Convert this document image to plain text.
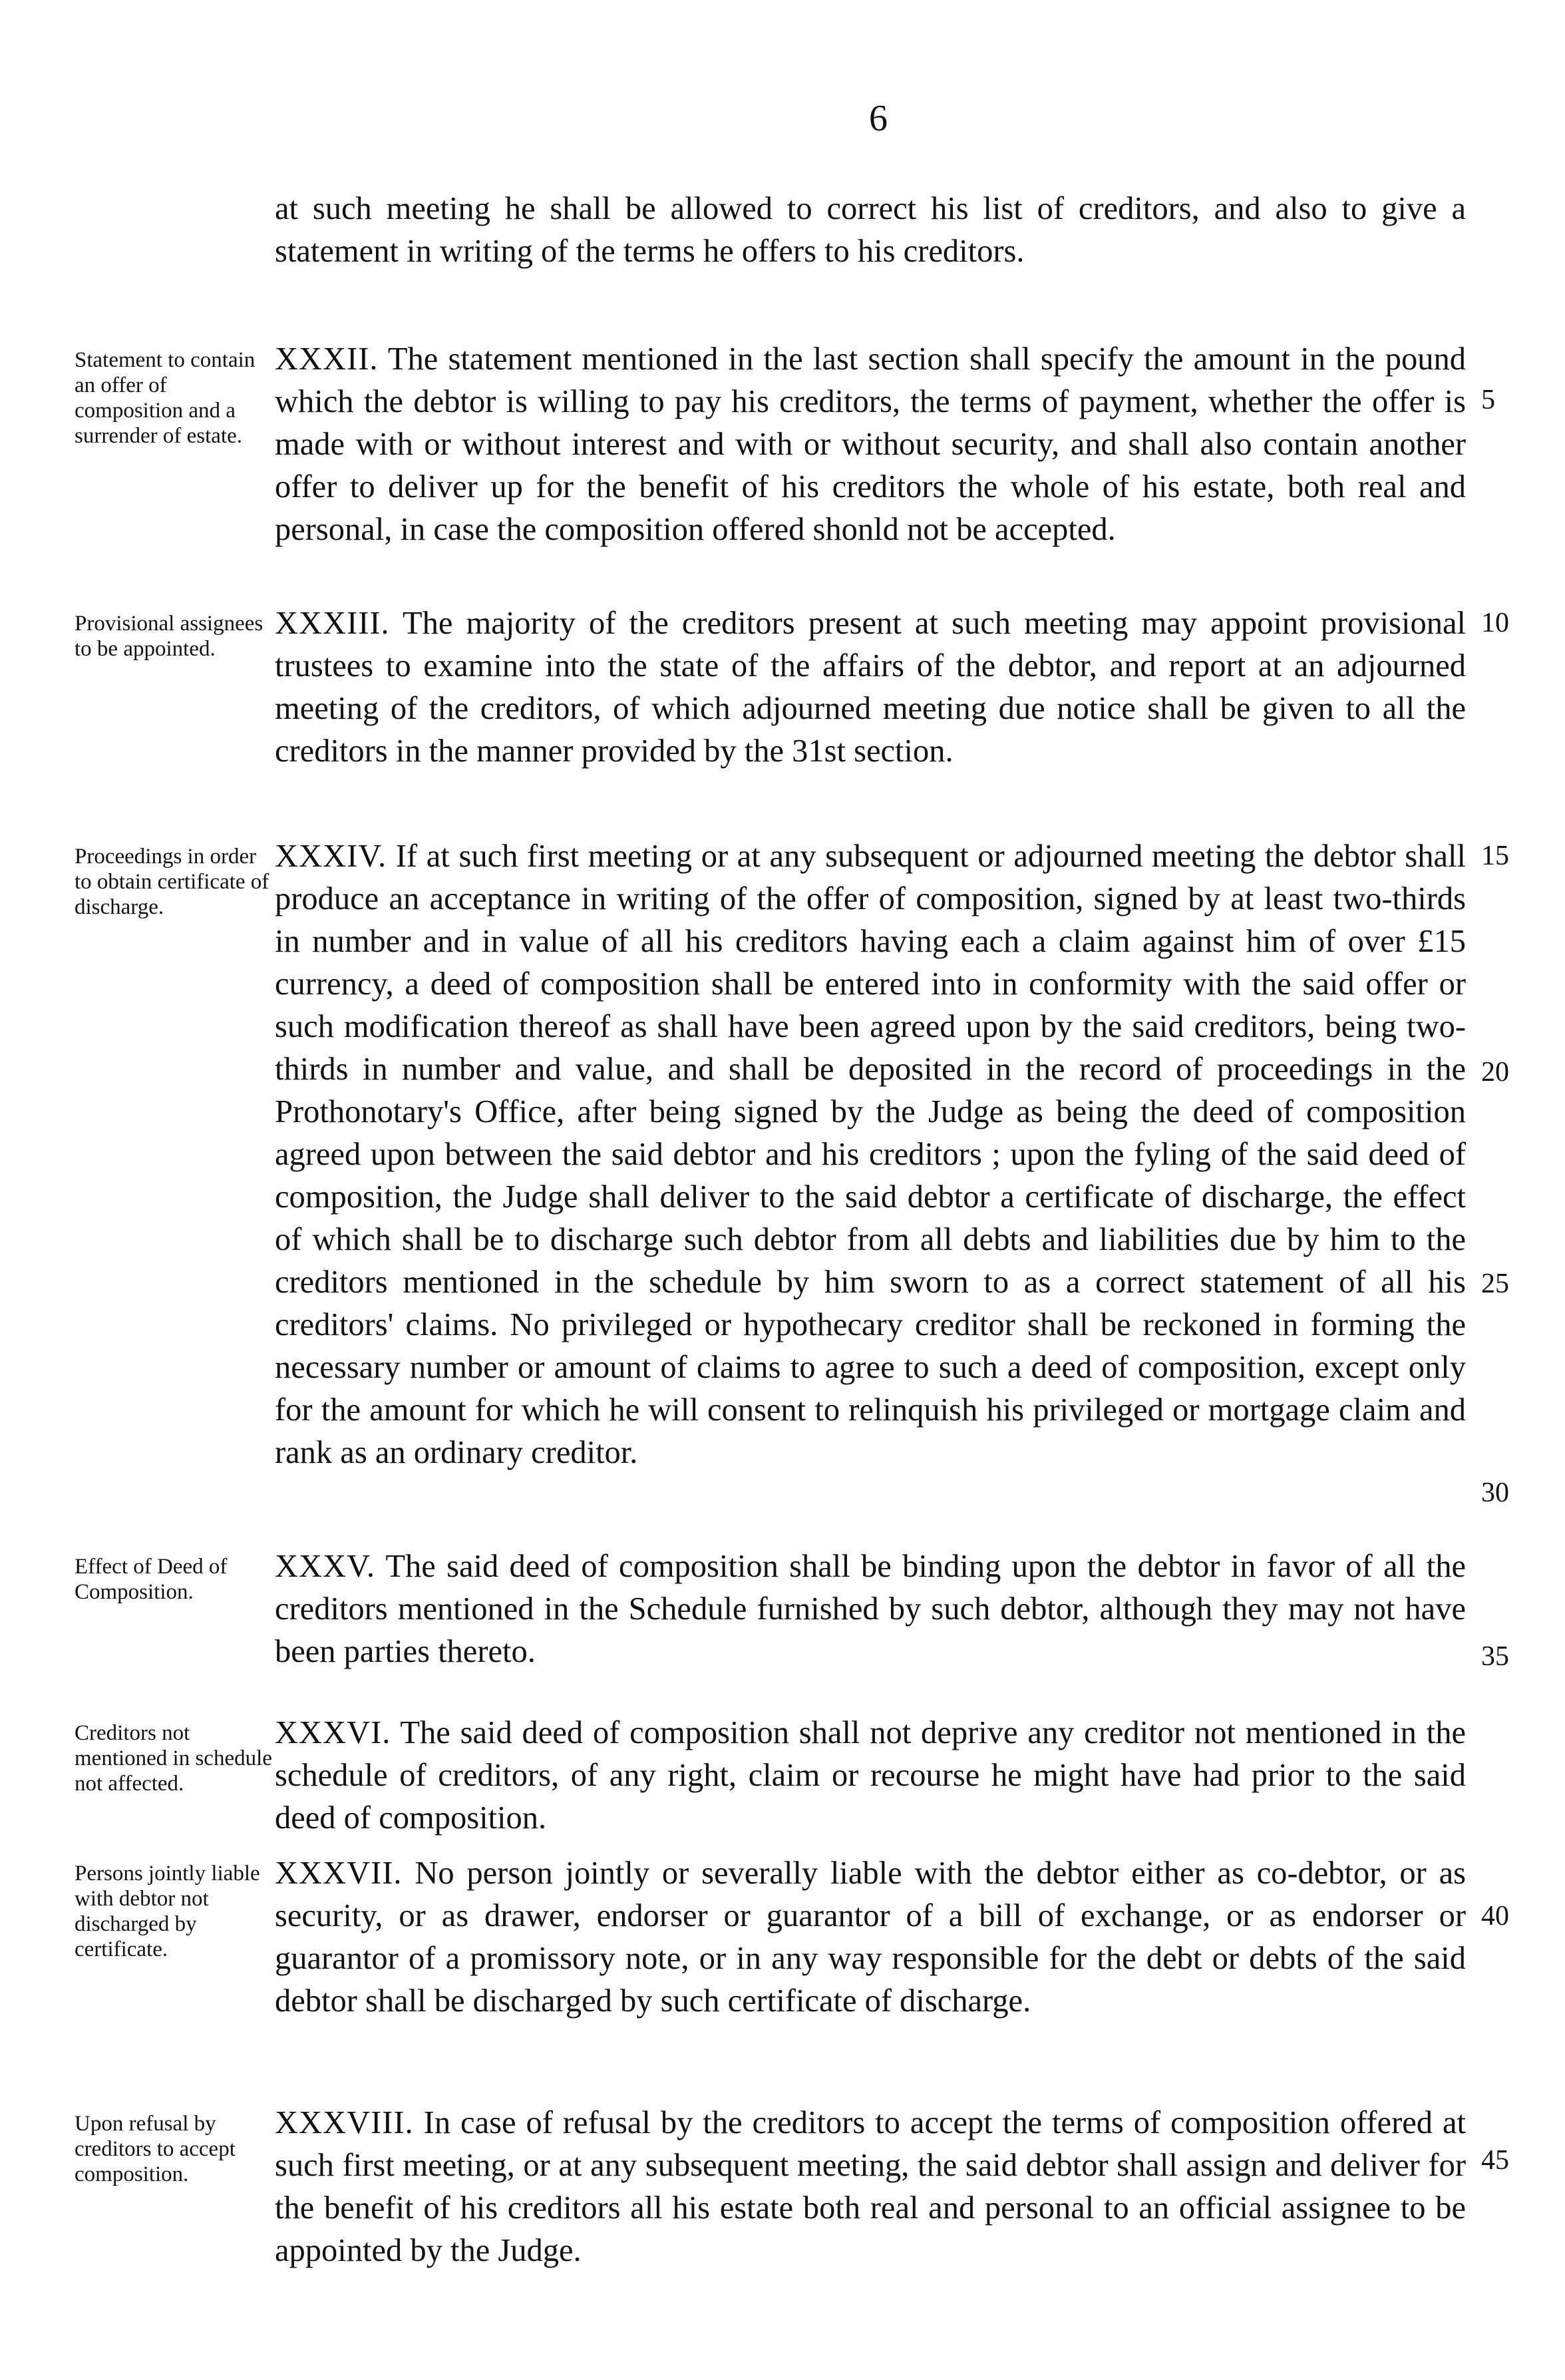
6

at such meeting he shall be allowed to correct his list of creditors, and also to give a statement in writing of the terms he offers to his creditors.

Statement to contain an offer of composition and a surrender of estate.

XXXII. The statement mentioned in the last section shall specify the amount in the pound which the debtor is willing to pay his creditors, the terms of payment, whether the offer is made with or without interest and with or without security, and shall also contain another offer to deliver up for the benefit of his creditors the whole of his estate, both real and personal, in case the composition offered shonld not be accepted.

Provisional assignees to be appointed.

XXXIII. The majority of the creditors present at such meeting may appoint provisional trustees to examine into the state of the affairs of the debtor, and report at an adjourned meeting of the creditors, of which adjourned meeting due notice shall be given to all the creditors in the manner provided by the 31st section.

Proceedings in order to obtain certificate of discharge.

XXXIV. If at such first meeting or at any subsequent or adjourned meeting the debtor shall produce an acceptance in writing of the offer of composition, signed by at least two-thirds in number and in value of all his creditors having each a claim against him of over £15 currency, a deed of composition shall be entered into in conformity with the said offer or such modification thereof as shall have been agreed upon by the said creditors, being two-thirds in number and value, and shall be deposited in the record of proceedings in the Prothonotary's Office, after being signed by the Judge as being the deed of composition agreed upon between the said debtor and his creditors ; upon the fyling of the said deed of composition, the Judge shall deliver to the said debtor a certificate of discharge, the effect of which shall be to discharge such debtor from all debts and liabilities due by him to the creditors mentioned in the schedule by him sworn to as a correct statement of all his creditors' claims. No privileged or hypothecary creditor shall be reckoned in forming the necessary number or amount of claims to agree to such a deed of composition, except only for the amount for which he will consent to relinquish his privileged or mortgage claim and rank as an ordinary creditor.

Effect of Deed of Composition.

XXXV. The said deed of composition shall be binding upon the debtor in favor of all the creditors mentioned in the Schedule furnished by such debtor, although they may not have been parties thereto.

Creditors not mentioned in schedule not affected.

XXXVI. The said deed of composition shall not deprive any creditor not mentioned in the schedule of creditors, of any right, claim or recourse he might have had prior to the said deed of composition.

Persons jointly liable with debtor not discharged by certificate.

XXXVII. No person jointly or severally liable with the debtor either as co-debtor, or as security, or as drawer, endorser or guarantor of a bill of exchange, or as endorser or guarantor of a promissory note, or in any way responsible for the debt or debts of the said debtor shall be discharged by such certificate of discharge.

Upon refusal by creditors to accept composition.

XXXVIII. In case of refusal by the creditors to accept the terms of composition offered at such first meeting, or at any subsequent meeting, the said debtor shall assign and deliver for the benefit of his creditors all his estate both real and personal to an official assignee to be appointed by the Judge.

5
10
15
20
25
30
35
40
45
